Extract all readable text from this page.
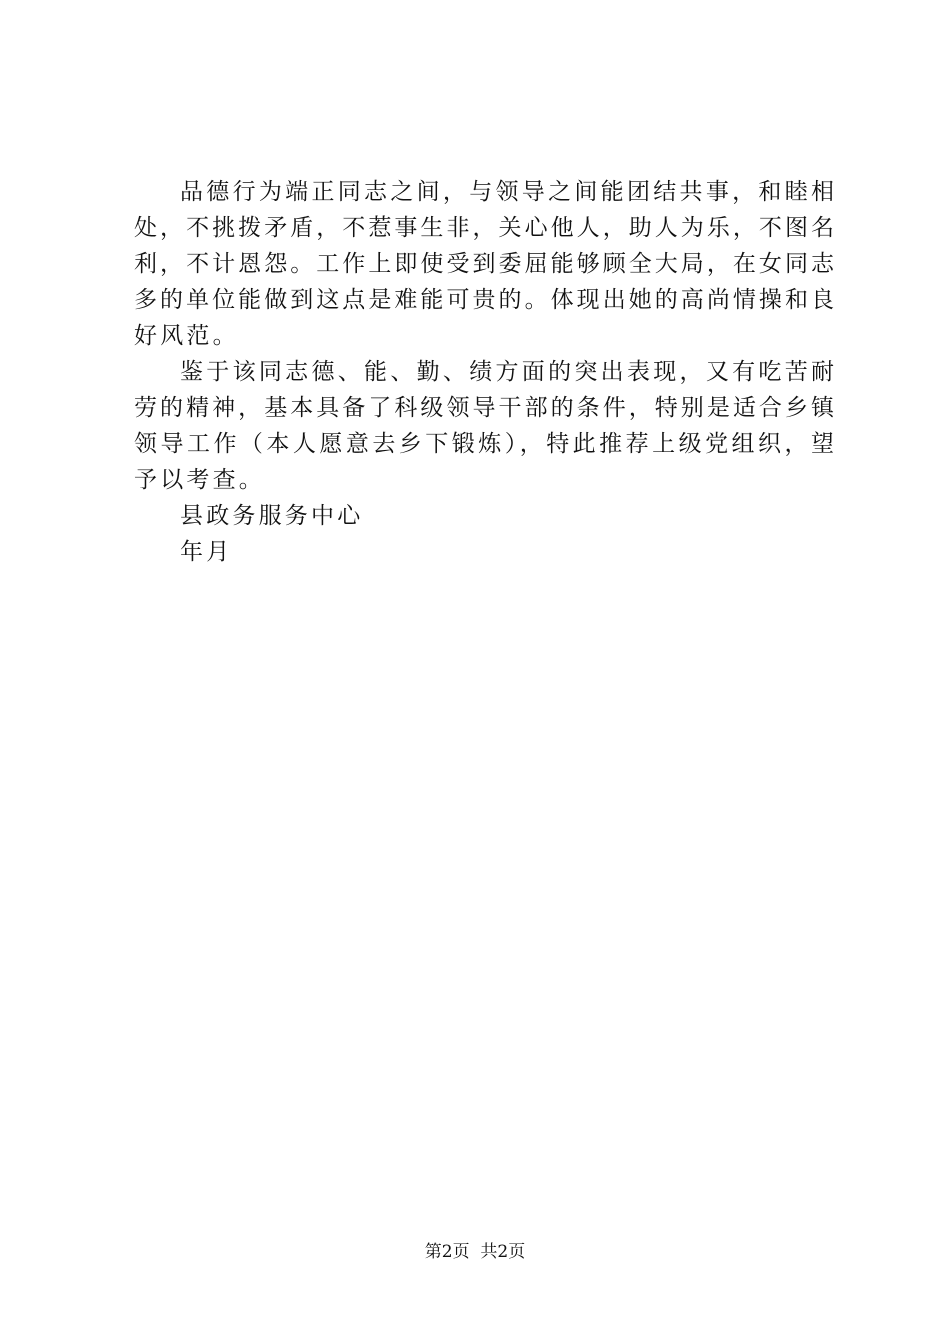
品德行为端正同志之间，与领导之间能团结共事，和睦相
处，不挑拨矛盾，不惹事生非，关心他人，助人为乐，不图名
利，不计恩怨。工作上即使受到委屈能够顾全大局，在女同志
多的单位能做到这点是难能可贵的。体现出她的高尚情操和良
好风范。
鉴于该同志德、能、勤、绩方面的突出表现，又有吃苦耐
劳的精神，基本具备了科级领导干部的条件，特别是适合乡镇
领导工作（本人愿意去乡下锻炼），特此推荐上级党组织，望
予以考查。
县政务服务中心
年月
第2页  共2页
